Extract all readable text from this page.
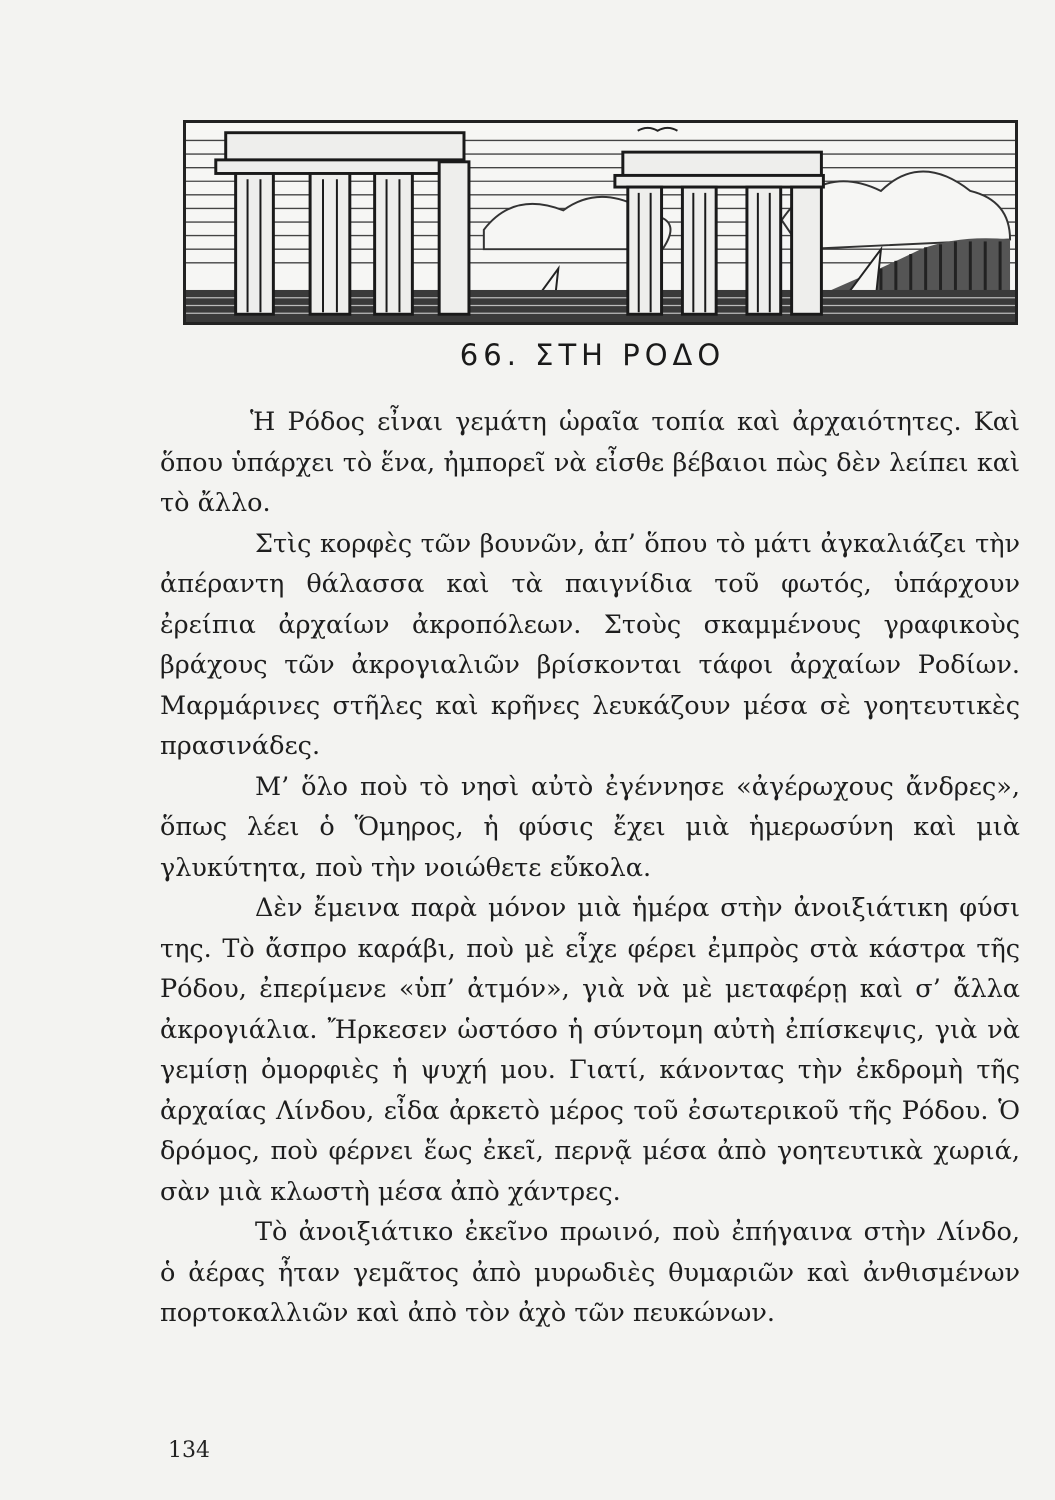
66. ΣΤΗ ΡΟΔΟ

Ἡ Ρόδος εἶναι γεμάτη ὡραῖα τοπία καὶ ἀρχαιότητες. Καὶ ὅπου ὑπάρχει τὸ ἕνα, ἠμπορεῖ νὰ εἶσθε βέβαιοι πὼς δὲν λείπει καὶ τὸ ἄλλο.

Στὶς κορφὲς τῶν βουνῶν, ἀπ’ ὅπου τὸ μάτι ἀγκαλιάζει τὴν ἀπέραντη θάλασσα καὶ τὰ παιγνίδια τοῦ φωτός, ὑπάρχουν ἐρείπια ἀρχαίων ἀκροπόλεων. Στοὺς σκαμμένους γραφικοὺς βράχους τῶν ἀκρογιαλιῶν βρίσκονται τάφοι ἀρχαίων Ροδίων. Μαρμάρινες στῆλες καὶ κρῆνες λευκάζουν μέσα σὲ γοητευτικὲς πρασινάδες.

Μ’ ὅλο ποὺ τὸ νησὶ αὐτὸ ἐγέννησε «ἀγέρωχους ἄνδρες», ὅπως λέει ὁ Ὅμηρος, ἡ φύσις ἔχει μιὰ ἡμερωσύνη καὶ μιὰ γλυκύτητα, ποὺ τὴν νοιώθετε εὔκολα.

Δὲν ἔμεινα παρὰ μόνον μιὰ ἡμέρα στὴν ἀνοιξιάτικη φύσι της. Τὸ ἄσπρο καράβι, ποὺ μὲ εἶχε φέρει ἐμπρὸς στὰ κάστρα τῆς Ρόδου, ἐπερίμενε «ὑπ’ ἀτμόν», γιὰ νὰ μὲ μεταφέρῃ καὶ σ’ ἄλλα ἀκρογιάλια. Ἤρκεσεν ὡστόσο ἡ σύντομη αὐτὴ ἐπίσκεψις, γιὰ νὰ γεμίσῃ ὀμορφιὲς ἡ ψυχή μου. Γιατί, κάνοντας τὴν ἐκδρομὴ τῆς ἀρχαίας Λίνδου, εἶδα ἀρκετὸ μέρος τοῦ ἐσωτερικοῦ τῆς Ρόδου. Ὁ δρόμος, ποὺ φέρνει ἕως ἐκεῖ, περνᾷ μέσα ἀπὸ γοητευτικὰ χωριά, σὰν μιὰ κλωστὴ μέσα ἀπὸ χάντρες.

Τὸ ἀνοιξιάτικο ἐκεῖνο πρωινό, ποὺ ἐπήγαινα στὴν Λίνδο, ὁ ἀέρας ἦταν γεμᾶτος ἀπὸ μυρωδιὲς θυμαριῶν καὶ ἀνθισμένων πορτοκαλλιῶν καὶ ἀπὸ τὸν ἀχὸ τῶν πευκώνων.

134
